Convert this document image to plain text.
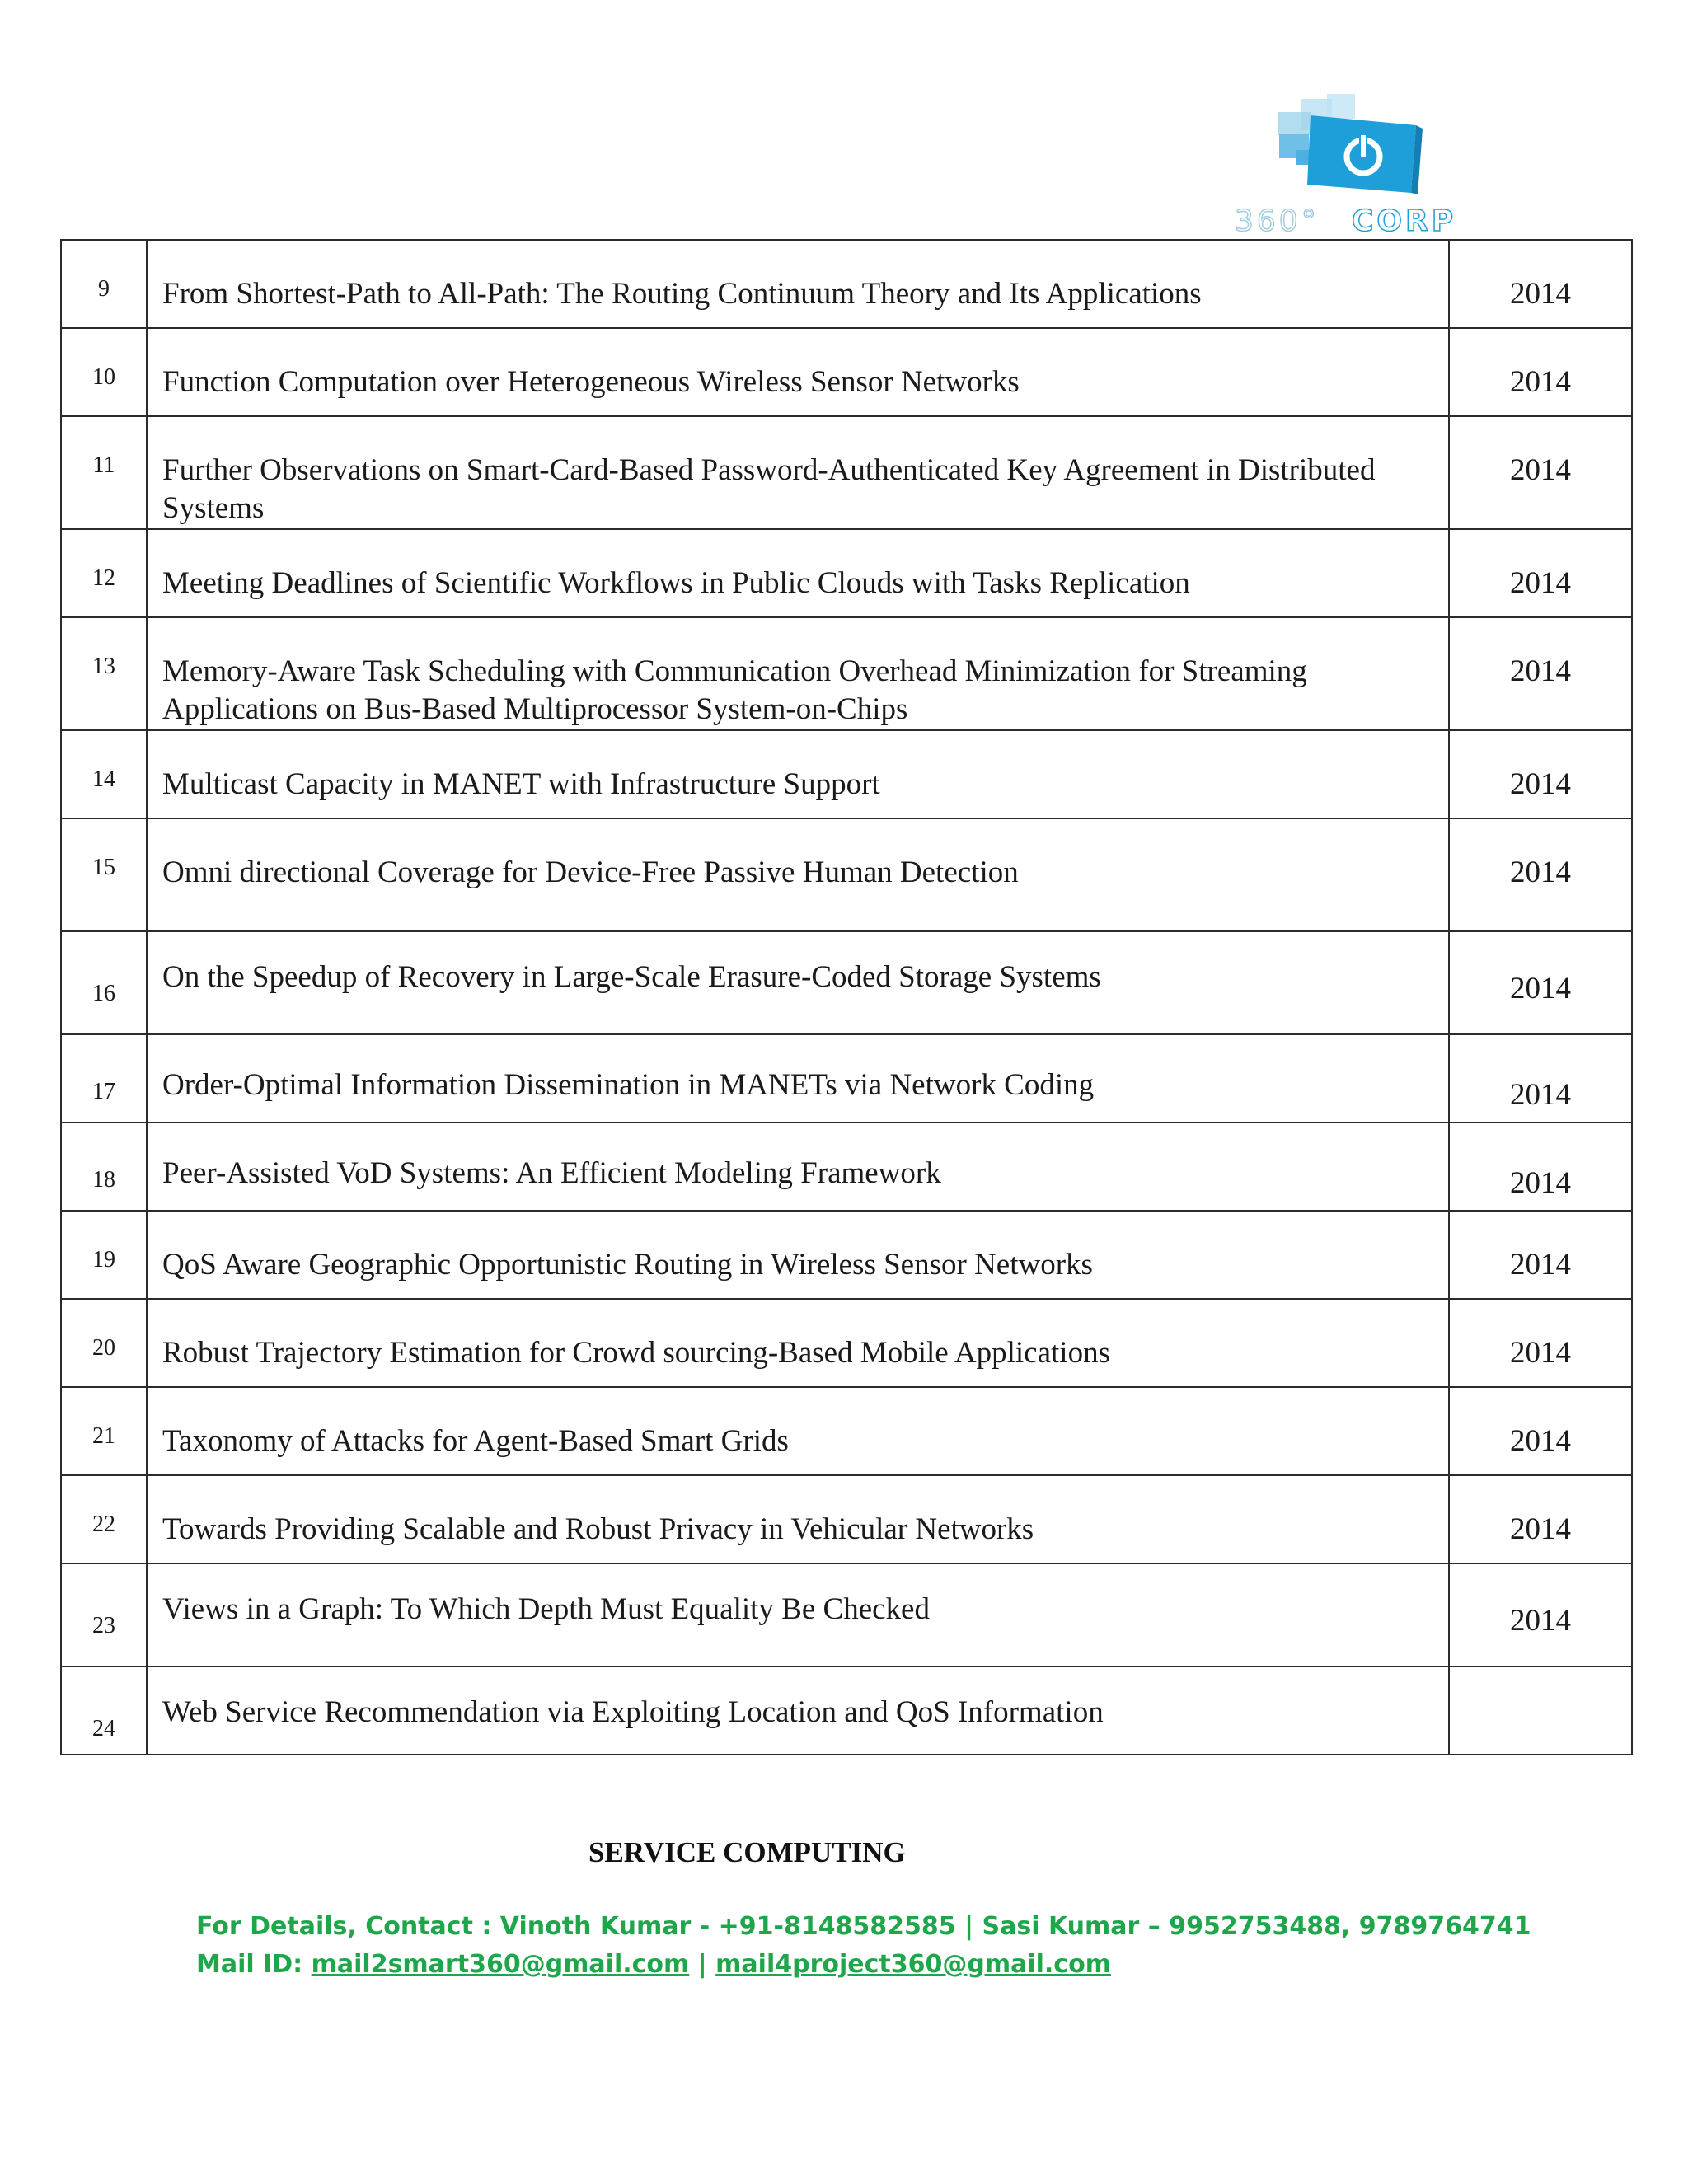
360° CORP
9	From Shortest-Path to All-Path: The Routing Continuum Theory and Its Applications	2014
10	Function Computation over Heterogeneous Wireless Sensor Networks	2014
11	Further Observations on Smart-Card-Based Password-Authenticated Key Agreement in Distributed Systems	2014
12	Meeting Deadlines of Scientific Workflows in Public Clouds with Tasks Replication	2014
13	Memory-Aware Task Scheduling with Communication Overhead Minimization for Streaming Applications on Bus-Based Multiprocessor System-on-Chips	2014
14	Multicast Capacity in MANET with Infrastructure Support	2014
15	Omni directional Coverage for Device-Free Passive Human Detection	2014
16	On the Speedup of Recovery in Large-Scale Erasure-Coded Storage Systems	2014
17	Order-Optimal Information Dissemination in MANETs via Network Coding	2014
18	Peer-Assisted VoD Systems: An Efficient Modeling Framework	2014
19	QoS Aware Geographic Opportunistic Routing in Wireless Sensor Networks	2014
20	Robust Trajectory Estimation for Crowd sourcing-Based Mobile Applications	2014
21	Taxonomy of Attacks for Agent-Based Smart Grids	2014
22	Towards Providing Scalable and Robust Privacy in Vehicular Networks	2014
23	Views in a Graph: To Which Depth Must Equality Be Checked	2014
24	Web Service Recommendation via Exploiting Location and QoS Information	
SERVICE COMPUTING
For Details, Contact : Vinoth Kumar - +91-8148582585 | Sasi Kumar – 9952753488, 9789764741
Mail ID: mail2smart360@gmail.com | mail4project360@gmail.com
